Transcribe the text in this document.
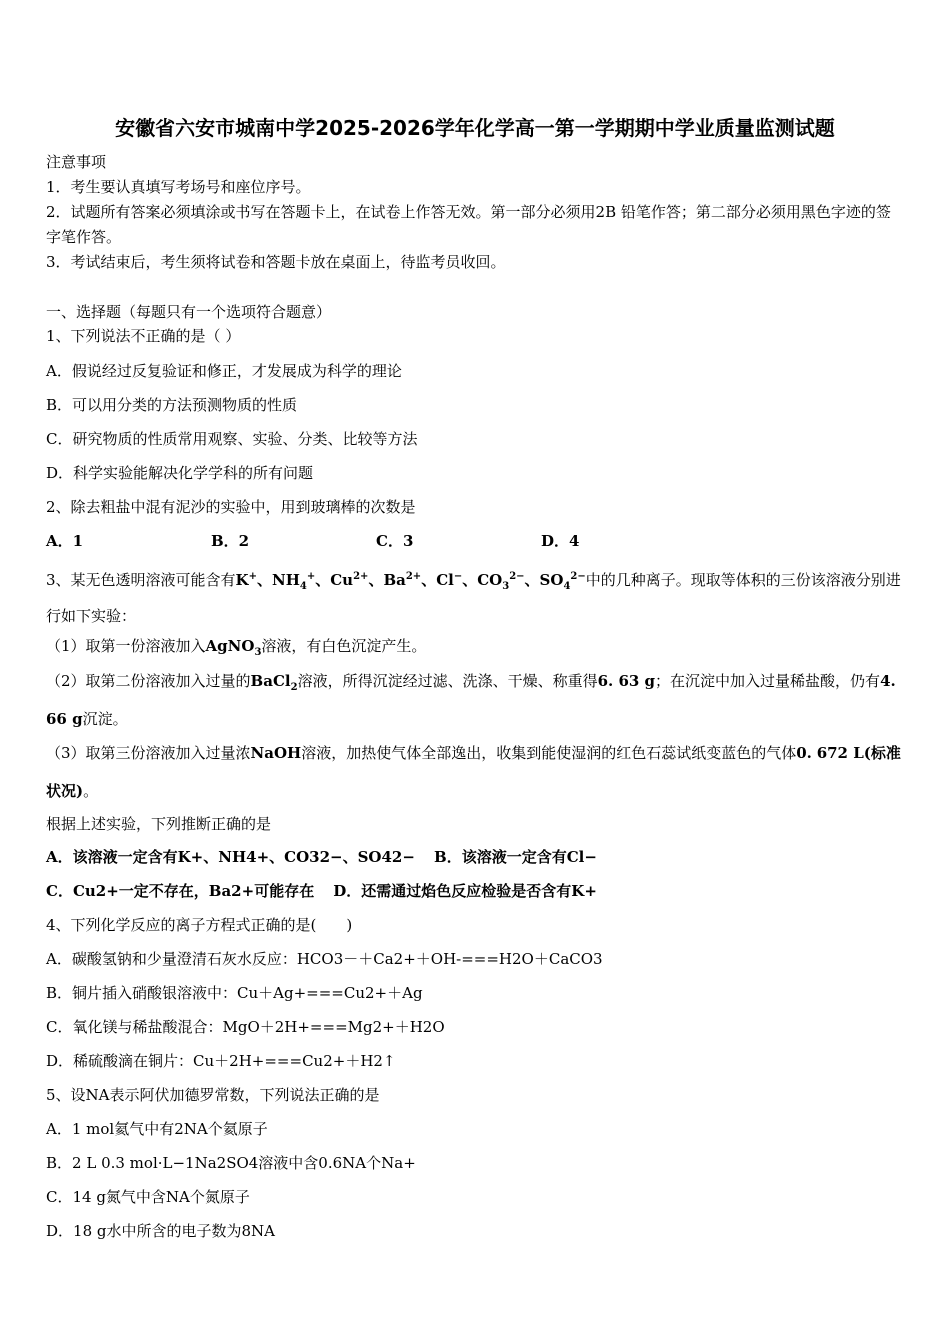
安徽省六安市城南中学2025-2026学年化学高一第一学期期中学业质量监测试题
注意事项
1．考生要认真填写考场号和座位序号。
2．试题所有答案必须填涂或书写在答题卡上，在试卷上作答无效。第一部分必须用2B 铅笔作答；第二部分必须用黑色字迹的签字笔作答。
3．考试结束后，考生须将试卷和答题卡放在桌面上，待监考员收回。
一、选择题（每题只有一个选项符合题意）
1、下列说法不正确的是（ ）
A．假说经过反复验证和修正，才发展成为科学的理论
B．可以用分类的方法预测物质的性质
C．研究物质的性质常用观察、实验、分类、比较等方法
D．科学实验能解决化学学科的所有问题
2、除去粗盐中混有泥沙的实验中，用到玻璃棒的次数是
A．1	B．2	C．3	D．4
3、某无色透明溶液可能含有K+、$NH_4^+$、$Cu^{2+}$、$Ba^{2+}$、Cl−、$CO_3^{2-}$、$SO_4^{2-}$中的几种离子。现取等体积的三份该溶液分别进行如下实验：
（1）取第一份溶液加入AgNO$_3$溶液，有白色沉淀产生。
（2）取第二份溶液加入过量的BaCl$_2$溶液，所得沉淀经过滤、洗涤、干燥、称重得6. 63 g；在沉淀中加入过量稀盐酸，仍有4. 66 g沉淀。
（3）取第三份溶液加入过量浓NaOH溶液，加热使气体全部逸出，收集到能使湿润的红色石蕊试纸变蓝色的气体0. 672 L(标准状况)。
根据上述实验，下列推断正确的是
A．该溶液一定含有K+、NH4+、CO32−、SO42− B．该溶液一定含有Cl−
C．Cu2+一定不存在，Ba2+可能存在 D．还需通过焰色反应检验是否含有K+
4、下列化学反应的离子方程式正确的是(　　)
A．碳酸氢钠和少量澄清石灰水反应：HCO3－＋Ca2+＋OH-===H2O＋CaCO3
B．铜片插入硝酸银溶液中：Cu＋Ag+===Cu2+＋Ag
C．氧化镁与稀盐酸混合：MgO＋2H+===Mg2+＋H2O
D．稀硫酸滴在铜片：Cu＋2H+===Cu2+＋H2↑
5、设NA表示阿伏加德罗常数，下列说法正确的是
A．1 mol氦气中有2NA个氦原子
B．2 L 0.3 mol·L−1Na2SO4溶液中含0.6NA个Na+
C．14 g氮气中含NA个氮原子
D．18 g水中所含的电子数为8NA
